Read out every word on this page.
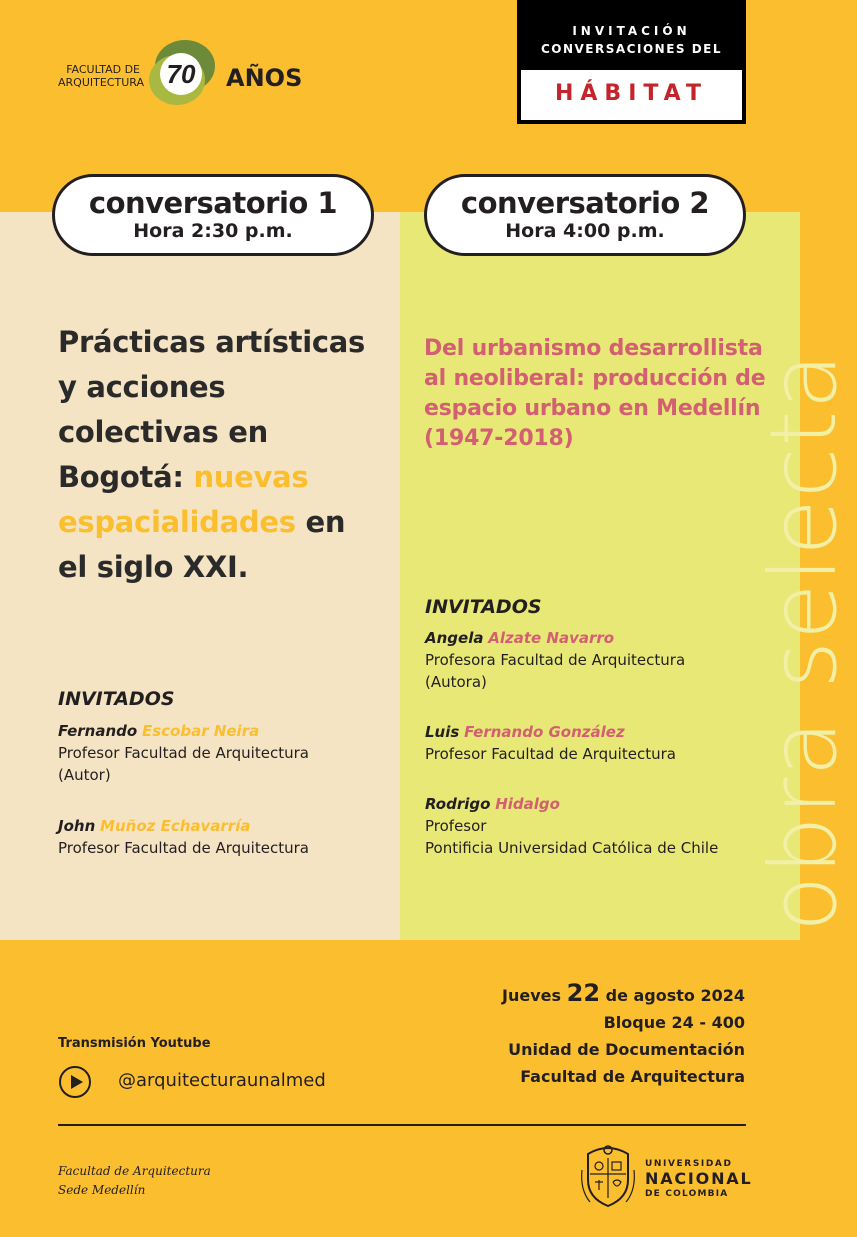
FACULTAD DE
ARQUITECTURA 70 AÑOS
INVITACIÓN
CONVERSACIONES DEL
HÁBITAT
obra selecta
conversatorio 1
Hora 2:30 p.m.
conversatorio 2
Hora 4:00 p.m.
Prácticas artísticas y acciones colectivas en Bogotá: nuevas espacialidades en el siglo XXI.
Del urbanismo desarrollista al neoliberal: producción de espacio urbano en Medellín (1947-2018)
INVITADOS
Fernando Escobar Neira
Profesor Facultad de Arquitectura
(Autor)
John Muñoz Echavarría
Profesor Facultad de Arquitectura
INVITADOS
Angela Alzate Navarro
Profesora Facultad de Arquitectura
(Autora)
Luis Fernando González
Profesor Facultad de Arquitectura
Rodrigo Hidalgo
Profesor
Pontificia Universidad Católica de Chile
Jueves 22 de agosto 2024
Bloque 24 - 400
Unidad de Documentación
Facultad de Arquitectura
Transmisión Youtube
@arquitecturaunalmed
Facultad de Arquitectura
Sede Medellín
UNIVERSIDAD
NACIONAL
DE COLOMBIA
